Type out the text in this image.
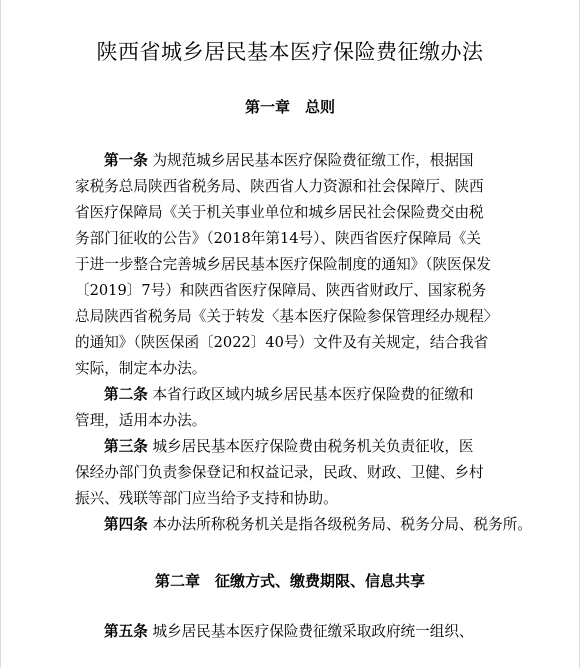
陕西省城乡居民基本医疗保险费征缴办法
第一章　总则
第一条 为规范城乡居民基本医疗保险费征缴工作，根据国
家税务总局陕西省税务局、陕西省人力资源和社会保障厅、陕西
省医疗保障局《关于机关事业单位和城乡居民社会保险费交由税
务部门征收的公告》（2018年第14号）、陕西省医疗保障局《关
于进一步整合完善城乡居民基本医疗保险制度的通知》（陕医保发
〔2019〕7号）和陕西省医疗保障局、陕西省财政厅、国家税务
总局陕西省税务局《关于转发〈基本医疗保险参保管理经办规程〉
的通知》（陕医保函〔2022〕40号）文件及有关规定，结合我省
实际，制定本办法。
第二条 本省行政区域内城乡居民基本医疗保险费的征缴和
管理，适用本办法。
第三条 城乡居民基本医疗保险费由税务机关负责征收，医
保经办部门负责参保登记和权益记录，民政、财政、卫健、乡村
振兴、残联等部门应当给予支持和协助。
第四条 本办法所称税务机关是指各级税务局、税务分局、税务所。
第二章　征缴方式、缴费期限、信息共享
第五条 城乡居民基本医疗保险费征缴采取政府统一组织、
